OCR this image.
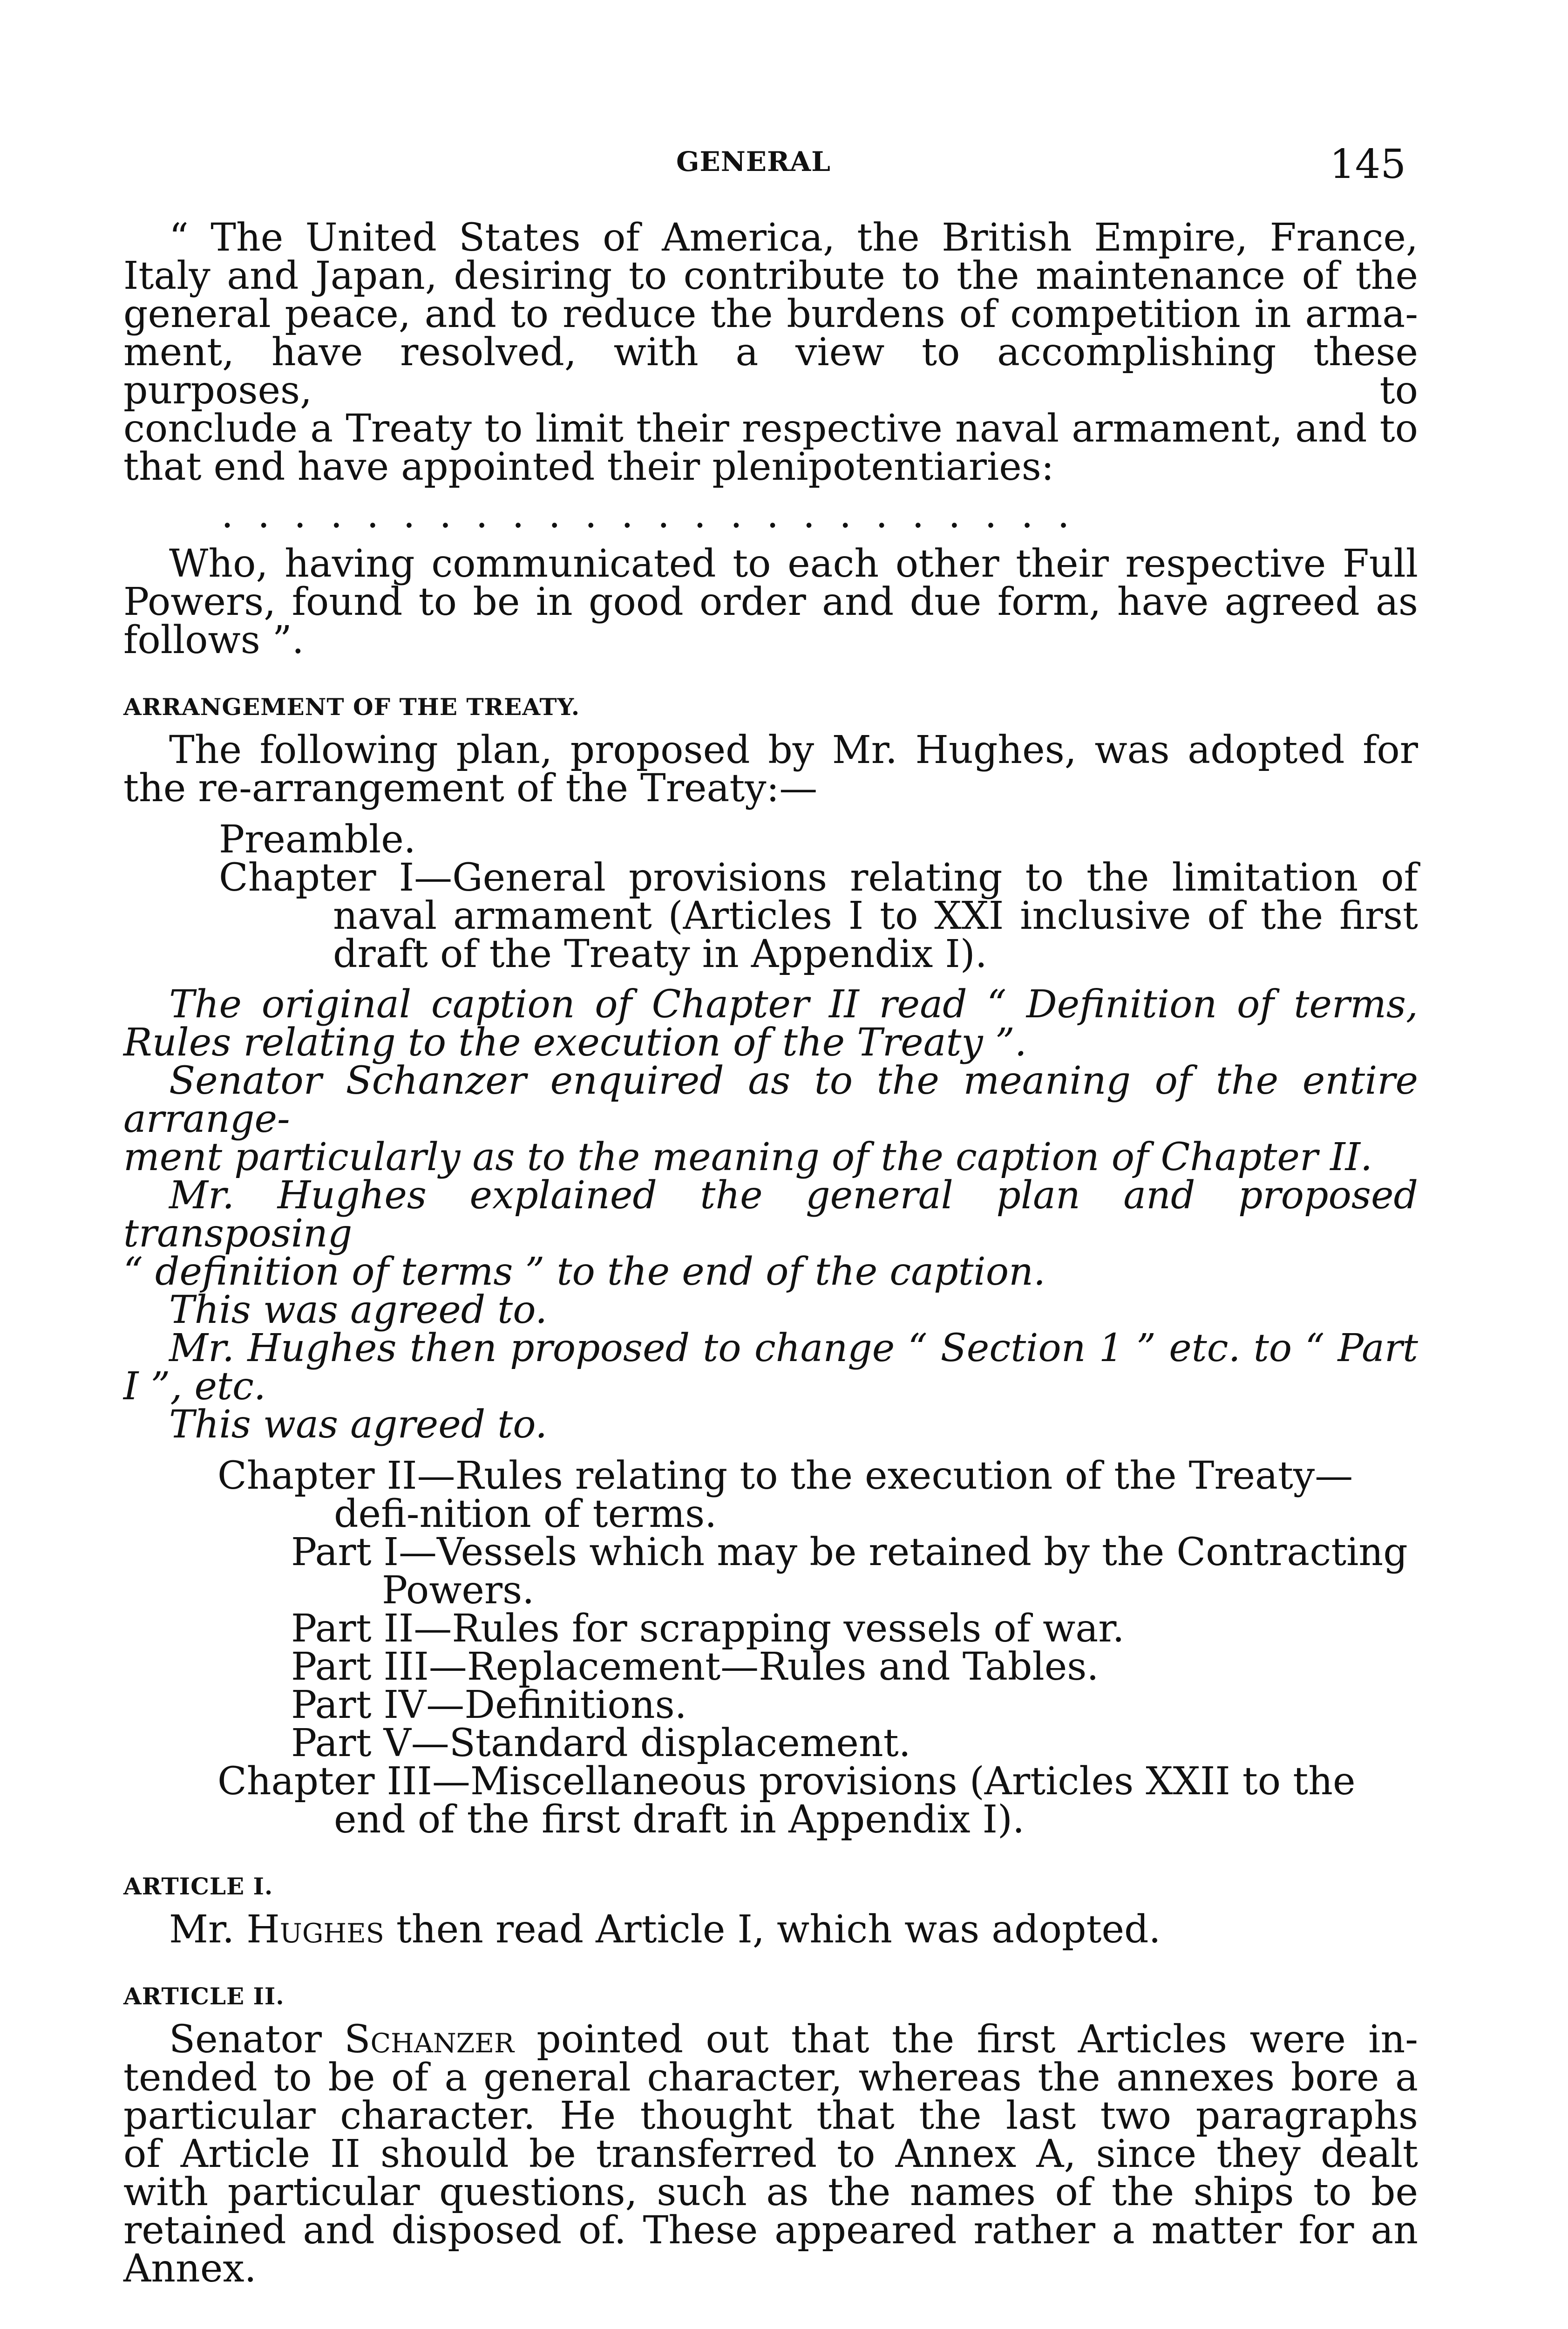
GENERAL	145

“ The United States of America, the British Empire, France,

Italy and Japan, desiring to contribute to the maintenance of the

general peace, and to reduce the burdens of competition in arma-

ment, have resolved, with a view to accomplishing these purposes, to

conclude a Treaty to limit their respective naval armament, and to

that end have appointed their plenipotentiaries:

........................

Who, having communicated to each other their respective Full

Powers, found to be in good order and due form, have agreed as

follows ”.

ARRANGEMENT OF THE TREATY.

The following plan, proposed by Mr. Hughes, was adopted for

the re-arrangement of the Treaty:—

Preamble.

Chapter I—General provisions relating to the limitation of naval armament (Articles I to XXI inclusive of the first draft of the Treaty in Appendix I).

The original caption of Chapter II read “ Definition of terms,

Rules relating to the execution of the Treaty ”.

Senator Schanzer enquired as to the meaning of the entire arrange-

ment particularly as to the meaning of the caption of Chapter II.

Mr. Hughes explained the general plan and proposed transposing

“ definition of terms ” to the end of the caption.

This was agreed to.

Mr. Hughes then proposed to change “ Section 1 ” etc. to “ Part

I ”, etc.

This was agreed to.

Chapter II—Rules relating to the execution of the Treaty—defi-nition of terms.

Part I—Vessels which may be retained by the Contracting Powers.

Part II—Rules for scrapping vessels of war.

Part III—Replacement—Rules and Tables.

Part IV—Definitions.

Part V—Standard displacement.

Chapter III—Miscellaneous provisions (Articles XXII to the end of the first draft in Appendix I).

ARTICLE I.

Mr. Hughes then read Article I, which was adopted.

ARTICLE II.

Senator Schanzer pointed out that the first Articles were in-

tended to be of a general character, whereas the annexes bore a

particular character. He thought that the last two paragraphs

of Article II should be transferred to Annex A, since they dealt

with particular questions, such as the names of the ships to be

retained and disposed of. These appeared rather a matter for an

Annex.
